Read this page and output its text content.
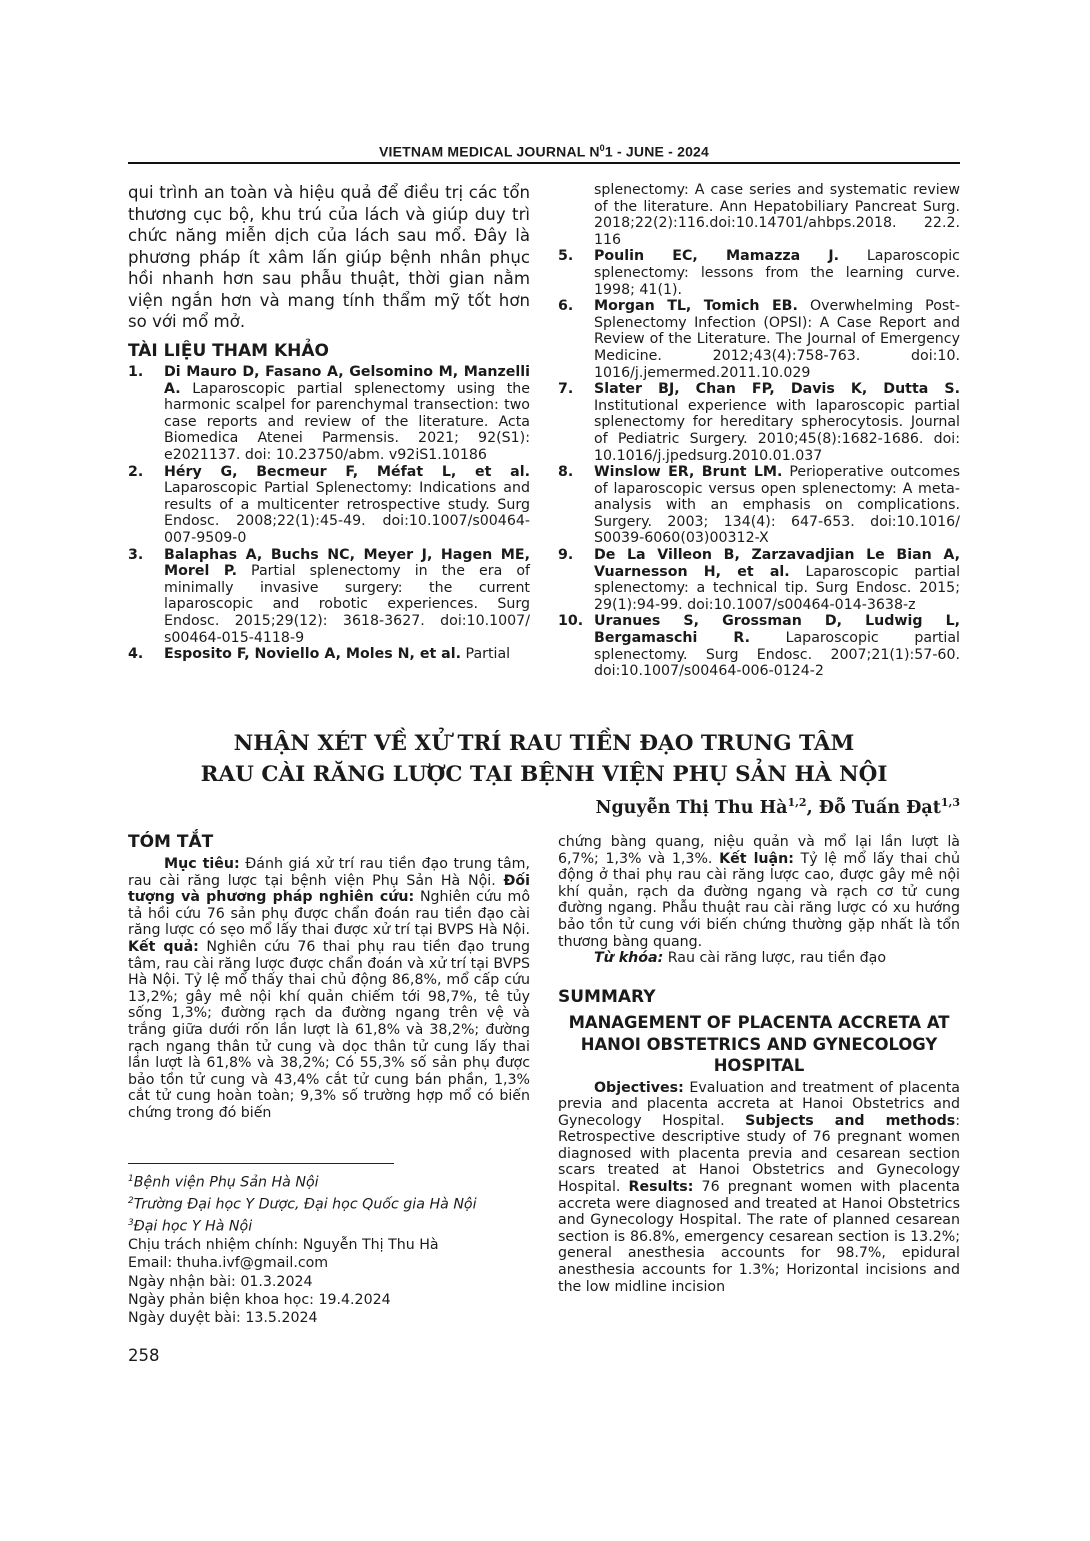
VIETNAM MEDICAL JOURNAL $N^01$ - JUNE - 2024
qui trình an toàn và hiệu quả để điều trị các tổn thương cục bộ, khu trú của lách và giúp duy trì chức năng miễn dịch của lách sau mổ. Đây là phương pháp ít xâm lấn giúp bệnh nhân phục hồi nhanh hơn sau phẫu thuật, thời gian nằm viện ngắn hơn và mang tính thẩm mỹ tốt hơn so với mổ mở.
TÀI LIỆU THAM KHẢO

1. Di Mauro D, Fasano A, Gelsomino M, Manzelli A. Laparoscopic partial splenectomy using the harmonic scalpel for parenchymal transection: two case reports and review of the literature. Acta Biomedica Atenei Parmensis. 2021; 92(S1): e2021137. doi: 10.23750/abm. v92iS1.10186

2. Héry G, Becmeur F, Méfat L, et al. Laparoscopic Partial Splenectomy: Indications and results of a multicenter retrospective study. Surg Endosc. 2008;22(1):45-49. doi:10.1007/s00464-007-9509-0

3. Balaphas A, Buchs NC, Meyer J, Hagen ME, Morel P. Partial splenectomy in the era of minimally invasive surgery: the current laparoscopic and robotic experiences. Surg Endosc. 2015;29(12): 3618-3627. doi:10.1007/ s00464-015-4118-9

4. Esposito F, Noviello A, Moles N, et al. Partial

splenectomy: A case series and systematic review of the literature. Ann Hepatobiliary Pancreat Surg. 2018;22(2):116.doi:10.14701/ahbps.2018. 22.2. 116

5. Poulin EC, Mamazza J. Laparoscopic splenectomy: lessons from the learning curve. 1998; 41(1).

6. Morgan TL, Tomich EB. Overwhelming Post-Splenectomy Infection (OPSI): A Case Report and Review of the Literature. The Journal of Emergency Medicine. 2012;43(4):758-763. doi:10. 1016/j.jemermed.2011.10.029

7. Slater BJ, Chan FP, Davis K, Dutta S. Institutional experience with laparoscopic partial splenectomy for hereditary spherocytosis. Journal of Pediatric Surgery. 2010;45(8):1682-1686. doi: 10.1016/j.jpedsurg.2010.01.037

8. Winslow ER, Brunt LM. Perioperative outcomes of laparoscopic versus open splenectomy: A meta-analysis with an emphasis on complications. Surgery. 2003; 134(4): 647-653. doi:10.1016/ S0039-6060(03)00312-X

9. De La Villeon B, Zarzavadjian Le Bian A, Vuarnesson H, et al. Laparoscopic partial splenectomy: a technical tip. Surg Endosc. 2015; 29(1):94-99. doi:10.1007/s00464-014-3638-z

10. Uranues S, Grossman D, Ludwig L, Bergamaschi R. Laparoscopic partial splenectomy. Surg Endosc. 2007;21(1):57-60. doi:10.1007/s00464-006-0124-2

NHẬN XÉT VỀ XỬ TRÍ RAU TIỀN ĐẠO TRUNG TÂM
RAU CÀI RĂNG LƯỢC TẠI BỆNH VIỆN PHỤ SẢN HÀ NỘI
Nguyễn Thị Thu Hà$^{1,2}$, Đỗ Tuấn Đạt$^{1,3}$
TÓM TẮT
Mục tiêu: Đánh giá xử trí rau tiền đạo trung tâm, rau cài răng lược tại bệnh viện Phụ Sản Hà Nội. Đối tượng và phương pháp nghiên cứu: Nghiên cứu mô tả hồi cứu 76 sản phụ được chẩn đoán rau tiền đạo cài răng lược có sẹo mổ lấy thai được xử trí tại BVPS Hà Nội. Kết quả: Nghiên cứu 76 thai phụ rau tiền đạo trung tâm, rau cài răng lược được chẩn đoán và xử trí tại BVPS Hà Nội. Tỷ lệ mổ thấy thai chủ động 86,8%, mổ cấp cứu 13,2%; gây mê nội khí quản chiếm tới 98,7%, tê tủy sống 1,3%; đường rạch da đường ngang trên vệ và trắng giữa dưới rốn lần lượt là 61,8% và 38,2%; đường rạch ngang thân tử cung và dọc thân tử cung lấy thai lần lượt là 61,8% và 38,2%; Có 55,3% số sản phụ được bảo tồn tử cung và 43,4% cắt tử cung bán phần, 1,3% cắt tử cung hoàn toàn; 9,3% số trường hợp mổ có biến chứng trong đó biến
$^1$Bệnh viện Phụ Sản Hà Nội
$^2$Trường Đại học Y Dược, Đại học Quốc gia Hà Nội
$^3$Đại học Y Hà Nội
Chịu trách nhiệm chính: Nguyễn Thị Thu Hà
Email: thuha.ivf@gmail.com
Ngày nhận bài: 01.3.2024
Ngày phản biện khoa học: 19.4.2024
Ngày duyệt bài: 13.5.2024
chứng bàng quang, niệu quản và mổ lại lần lượt là 6,7%; 1,3% và 1,3%. Kết luận: Tỷ lệ mổ lấy thai chủ động ở thai phụ rau cài răng lược cao, được gây mê nội khí quản, rạch da đường ngang và rạch cơ tử cung đường ngang. Phẫu thuật rau cài răng lược có xu hướng bảo tồn tử cung với biến chứng thường gặp nhất là tổn thương bàng quang.
Từ khóa: Rau cài răng lược, rau tiền đạo
SUMMARY
MANAGEMENT OF PLACENTA ACCRETA AT HANOI OBSTETRICS AND GYNECOLOGY HOSPITAL
Objectives: Evaluation and treatment of placenta previa and placenta accreta at Hanoi Obstetrics and Gynecology Hospital. Subjects and methods: Retrospective descriptive study of 76 pregnant women diagnosed with placenta previa and cesarean section scars treated at Hanoi Obstetrics and Gynecology Hospital. Results: 76 pregnant women with placenta accreta were diagnosed and treated at Hanoi Obstetrics and Gynecology Hospital. The rate of planned cesarean section is 86.8%, emergency cesarean section is 13.2%; general anesthesia accounts for 98.7%, epidural anesthesia accounts for 1.3%; Horizontal incisions and the low midline incision
258
